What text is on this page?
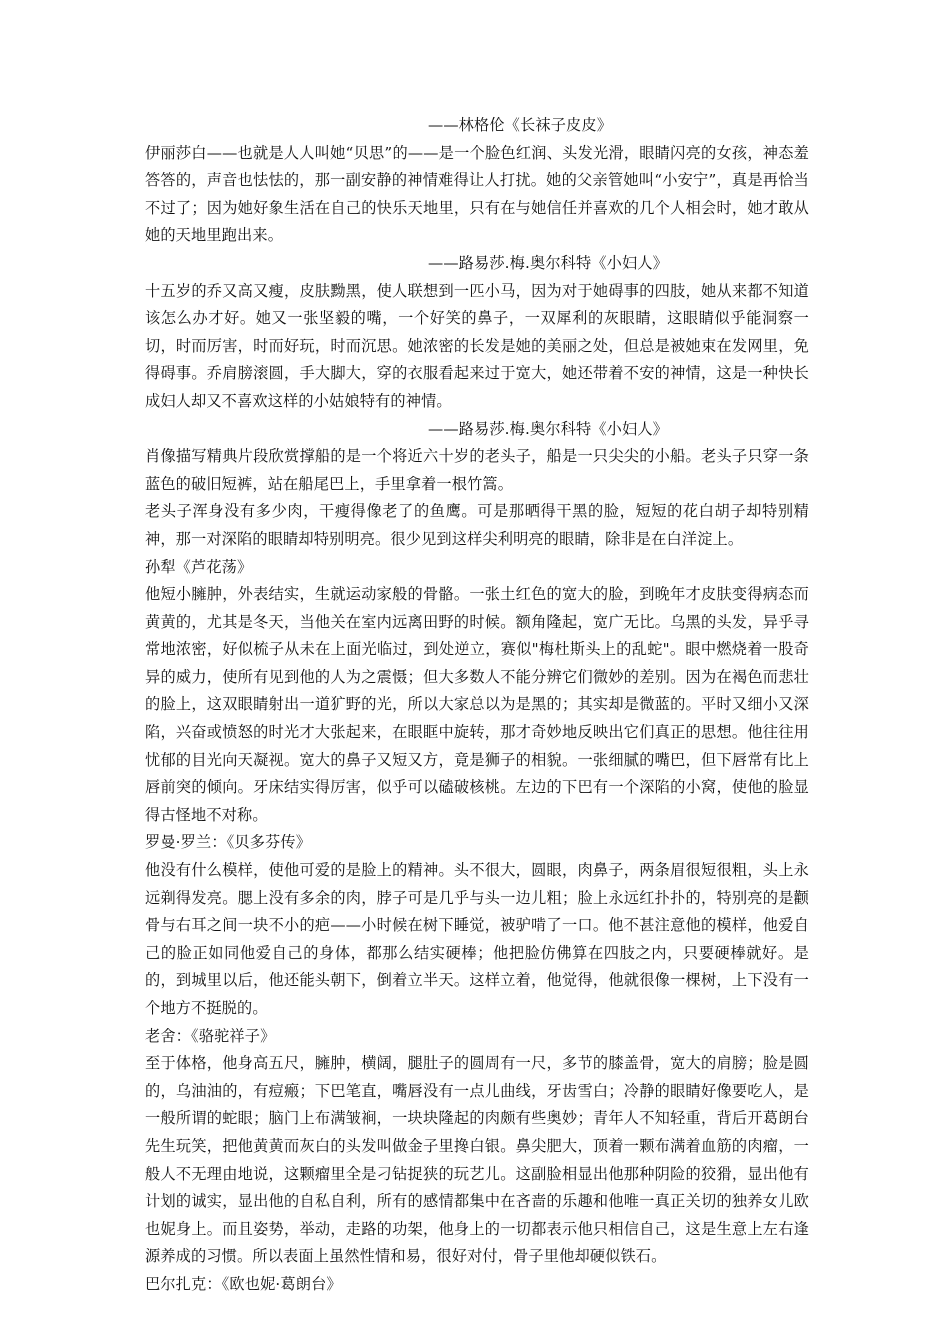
——林格伦《长袜子皮皮》

伊丽莎白——也就是人人叫她“贝思”的——是一个脸色红润、头发光滑，眼睛闪亮的女孩，神态羞答答的，声音也怯怯的，那一副安静的神情难得让人打扰。她的父亲管她叫“小安宁”，真是再恰当不过了；因为她好象生活在自己的快乐天地里，只有在与她信任并喜欢的几个人相会时，她才敢从她的天地里跑出来。

——路易莎.梅.奥尔科特《小妇人》

十五岁的乔又高又瘦，皮肤黝黑，使人联想到一匹小马，因为对于她碍事的四肢，她从来都不知道该怎么办才好。她又一张坚毅的嘴，一个好笑的鼻子，一双犀利的灰眼睛，这眼睛似乎能洞察一切，时而厉害，时而好玩，时而沉思。她浓密的长发是她的美丽之处，但总是被她束在发网里，免得碍事。乔肩膀滚圆，手大脚大，穿的衣服看起来过于宽大，她还带着不安的神情，这是一种快长成妇人却又不喜欢这样的小姑娘特有的神情。

——路易莎.梅.奥尔科特《小妇人》

肖像描写精典片段欣赏撑船的是一个将近六十岁的老头子，船是一只尖尖的小船。老头子只穿一条蓝色的破旧短裤，站在船尾巴上，手里拿着一根竹篙。

老头子浑身没有多少肉，干瘦得像老了的鱼鹰。可是那晒得干黑的脸，短短的花白胡子却特别精神，那一对深陷的眼睛却特别明亮。很少见到这样尖利明亮的眼睛，除非是在白洋淀上。

孙犁《芦花荡》

他短小臃肿，外表结实，生就运动家般的骨骼。一张土红色的宽大的脸，到晚年才皮肤变得病态而黄黄的，尤其是冬天，当他关在室内远离田野的时候。额角隆起，宽广无比。乌黑的头发，异乎寻常地浓密，好似梳子从未在上面光临过，到处逆立，赛似"梅杜斯头上的乱蛇"。眼中燃烧着一股奇异的威力，使所有见到他的人为之震慑；但大多数人不能分辨它们微妙的差别。因为在褐色而悲壮的脸上，这双眼睛射出一道犷野的光，所以大家总以为是黑的；其实却是微蓝的。平时又细小又深陷，兴奋或愤怒的时光才大张起来，在眼眶中旋转，那才奇妙地反映出它们真正的思想。他往往用忧郁的目光向天凝视。宽大的鼻子又短又方，竟是狮子的相貌。一张细腻的嘴巴，但下唇常有比上唇前突的倾向。牙床结实得厉害，似乎可以磕破核桃。左边的下巴有一个深陷的小窝，使他的脸显得古怪地不对称。

罗曼·罗兰：《贝多芬传》

他没有什么模样，使他可爱的是脸上的精神。头不很大，圆眼，肉鼻子，两条眉很短很粗，头上永远剃得发亮。腮上没有多余的肉，脖子可是几乎与头一边儿粗；脸上永远红扑扑的，特别亮的是颧骨与右耳之间一块不小的疤——小时候在树下睡觉，被驴啃了一口。他不甚注意他的模样，他爱自己的脸正如同他爱自己的身体，都那么结实硬棒；他把脸仿佛算在四肢之内，只要硬棒就好。是的，到城里以后，他还能头朝下，倒着立半天。这样立着，他觉得，他就很像一棵树，上下没有一个地方不挺脱的。

老舍：《骆驼祥子》

至于体格，他身高五尺，臃肿，横阔，腿肚子的圆周有一尺，多节的膝盖骨，宽大的肩膀；脸是圆的，乌油油的，有痘瘢；下巴笔直，嘴唇没有一点儿曲线，牙齿雪白；冷静的眼睛好像要吃人，是一般所谓的蛇眼；脑门上布满皱裥，一块块隆起的肉颇有些奥妙；青年人不知轻重，背后开葛朗台先生玩笑，把他黄黄而灰白的头发叫做金子里搀白银。鼻尖肥大，顶着一颗布满着血筋的肉瘤，一般人不无理由地说，这颗瘤里全是刁钻捉狭的玩艺儿。这副脸相显出他那种阴险的狡猾，显出他有计划的诚实，显出他的自私自利，所有的感情都集中在吝啬的乐趣和他唯一真正关切的独养女儿欧也妮身上。而且姿势，举动，走路的功架，他身上的一切都表示他只相信自己，这是生意上左右逢源养成的习惯。所以表面上虽然性情和易，很好对付，骨子里他却硬似铁石。

巴尔扎克：《欧也妮·葛朗台》
